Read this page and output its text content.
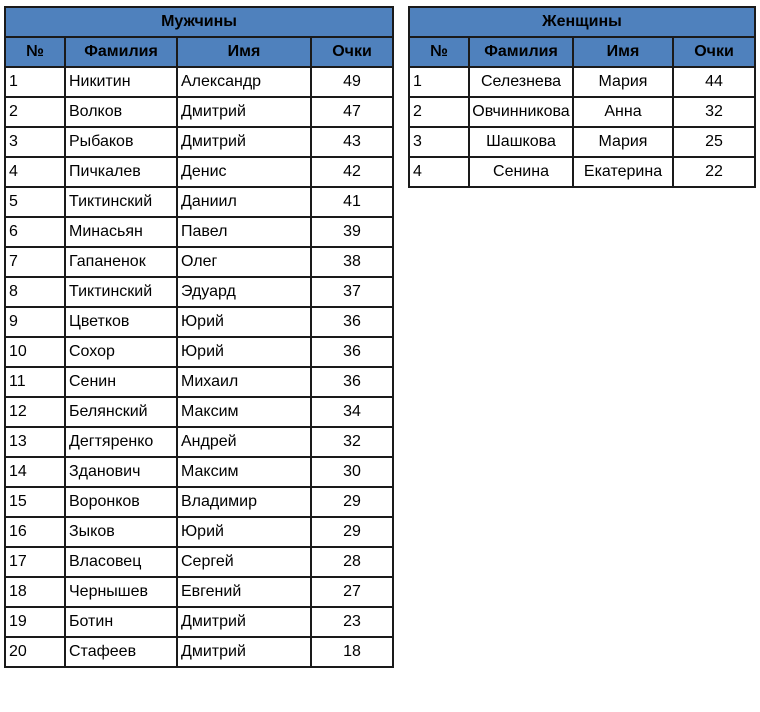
Мужчины			
№	Фамилия	Имя	Очки
1	Никитин	Александр	49
2	Волков	Дмитрий	47
3	Рыбаков	Дмитрий	43
4	Пичкалев	Денис	42
5	Тиктинский	Даниил	41
6	Минасьян	Павел	39
7	Гапаненок	Олег	38
8	Тиктинский	Эдуард	37
9	Цветков	Юрий	36
10	Сохор	Юрий	36
11	Сенин	Михаил	36
12	Белянский	Максим	34
13	Дегтяренко	Андрей	32
14	Зданович	Максим	30
15	Воронков	Владимир	29
16	Зыков	Юрий	29
17	Власовец	Сергей	28
18	Чернышев	Евгений	27
19	Ботин	Дмитрий	23
20	Стафеев	Дмитрий	18
Женщины			
№	Фамилия	Имя	Очки
1	Селезнева	Мария	44
2	Овчинникова	Анна	32
3	Шашкова	Мария	25
4	Сенина	Екатерина	22
